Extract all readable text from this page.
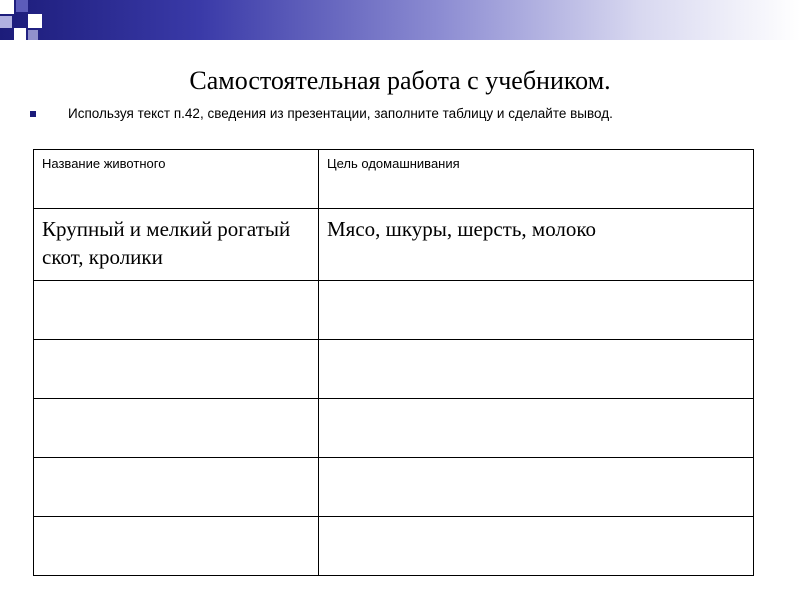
Самостоятельная работа с учебником.
Используя текст п.42, сведения из презентации, заполните таблицу и сделайте вывод.
Название животного	Цель одомашнивания
Крупный и мелкий рогатый скот, кролики	Мясо, шкуры, шерсть, молоко
